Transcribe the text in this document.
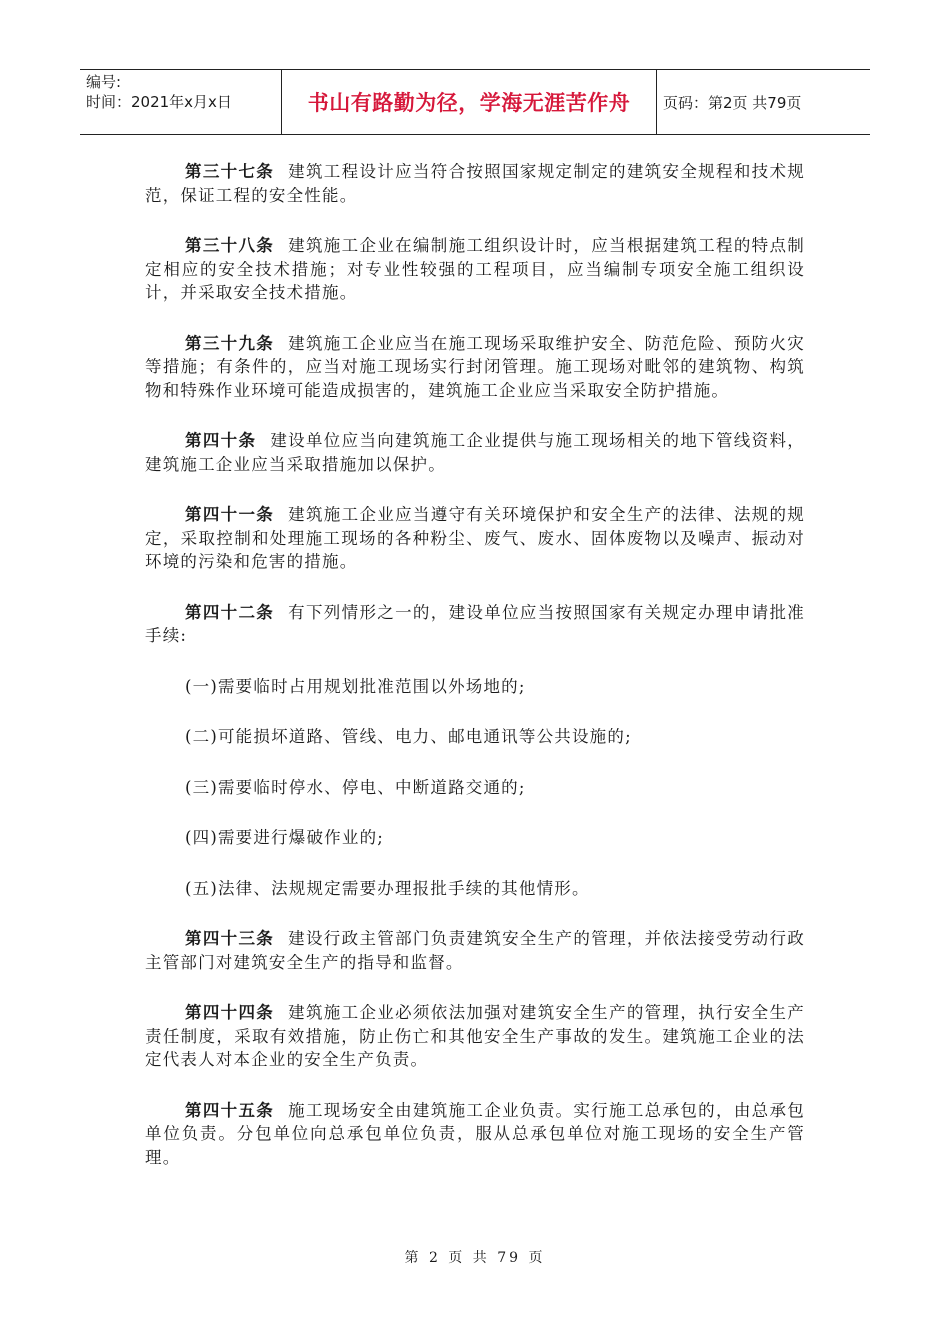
编号:
时间：2021年x月x日	书山有路勤为径，学海无涯苦作舟 页码：第2页 共79页

第三十七条 建筑工程设计应当符合按照国家规定制定的建筑安全规程和技术规范，保证工程的安全性能。

第三十八条 建筑施工企业在编制施工组织设计时，应当根据建筑工程的特点制定相应的安全技术措施；对专业性较强的工程项目，应当编制专项安全施工组织设计，并采取安全技术措施。

第三十九条 建筑施工企业应当在施工现场采取维护安全、防范危险、预防火灾等措施；有条件的，应当对施工现场实行封闭管理。施工现场对毗邻的建筑物、构筑物和特殊作业环境可能造成损害的，建筑施工企业应当采取安全防护措施。

第四十条 建设单位应当向建筑施工企业提供与施工现场相关的地下管线资料，建筑施工企业应当采取措施加以保护。

第四十一条 建筑施工企业应当遵守有关环境保护和安全生产的法律、法规的规定，采取控制和处理施工现场的各种粉尘、废气、废水、固体废物以及噪声、振动对环境的污染和危害的措施。

第四十二条 有下列情形之一的，建设单位应当按照国家有关规定办理申请批准手续:

(一)需要临时占用规划批准范围以外场地的;

(二)可能损坏道路、管线、电力、邮电通讯等公共设施的;

(三)需要临时停水、停电、中断道路交通的;

(四)需要进行爆破作业的;

(五)法律、法规规定需要办理报批手续的其他情形。

第四十三条 建设行政主管部门负责建筑安全生产的管理，并依法接受劳动行政主管部门对建筑安全生产的指导和监督。

第四十四条 建筑施工企业必须依法加强对建筑安全生产的管理，执行安全生产责任制度，采取有效措施，防止伤亡和其他安全生产事故的发生。建筑施工企业的法定代表人对本企业的安全生产负责。

第四十五条 施工现场安全由建筑施工企业负责。实行施工总承包的，由总承包单位负责。分包单位向总承包单位负责，服从总承包单位对施工现场的安全生产管理。

第 2 页 共 79 页
